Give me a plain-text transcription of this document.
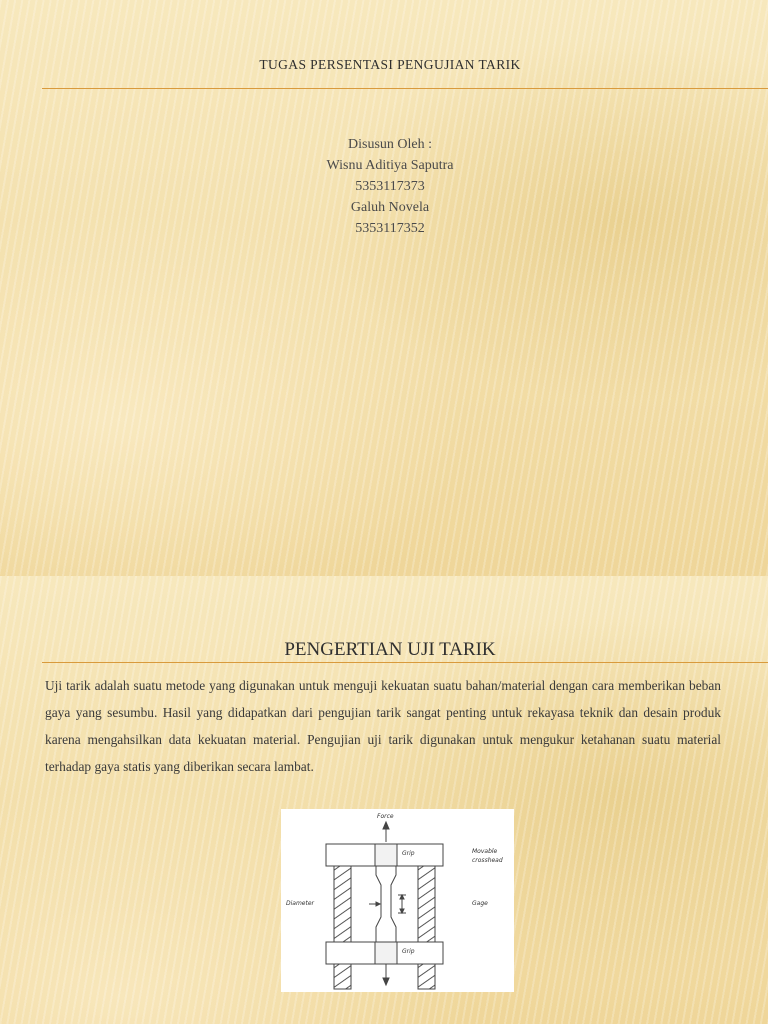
TUGAS PERSENTASI PENGUJIAN TARIK
Disusun Oleh :
Wisnu Aditiya Saputra
5353117373
Galuh Novela
5353117352
PENGERTIAN UJI TARIK
Uji tarik adalah suatu metode yang digunakan untuk menguji kekuatan suatu bahan/material dengan cara memberikan beban gaya yang sesumbu. Hasil yang didapatkan dari pengujian tarik sangat penting untuk rekayasa teknik dan desain produk karena mengahsilkan data kekuatan material. Pengujian uji tarik digunakan untuk mengukur ketahanan suatu material terhadap gaya statis yang diberikan secara lambat.
Force
Grip	Movable
crosshead
Diameter	Gage
Grip
